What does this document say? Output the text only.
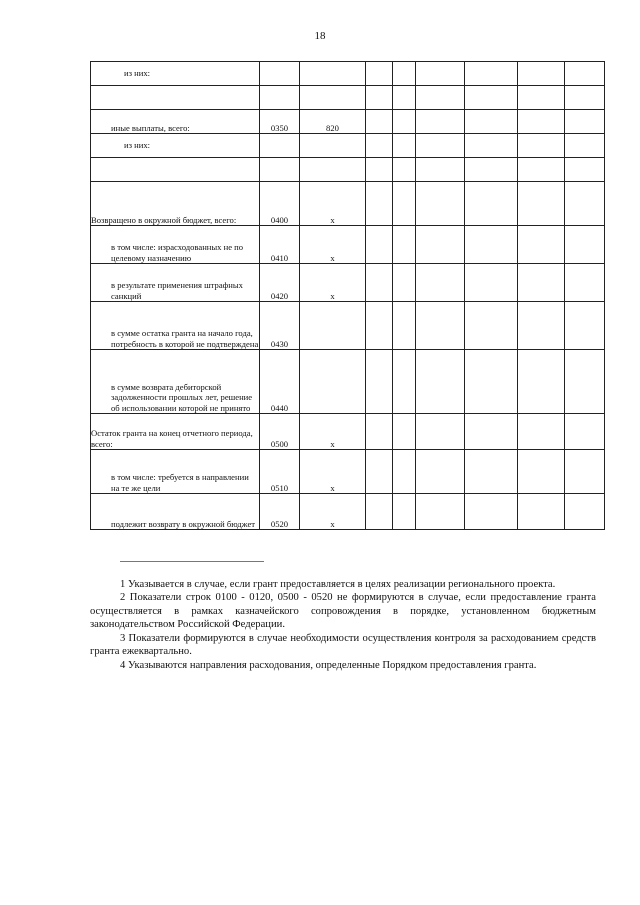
18
из них:								

иные выплаты, всего:	0350	820						
из них:								

Возвращено в окружной бюджет, всего:	0400	x						
в том числе: израсходованных не по целевому назначению	0410	x						
в результате применения штрафных санкций	0420	x						
в сумме остатка гранта на начало года, потребность в которой не подтверждена	0430							
в сумме возврата дебиторской задолженности прошлых лет, решение об использовании которой не принято	0440							
Остаток гранта на конец отчетного периода, всего:	0500	x						
в том числе: требуется в направлении на те же цели	0510	x						
подлежит возврату в окружной бюджет	0520	x						

1 Указывается в случае, если грант предоставляется в целях реализации регионального проекта.

2 Показатели строк 0100 - 0120, 0500 - 0520 не формируются в случае, если предоставление гранта осуществляется в рамках казначейского сопровождения в порядке, установленном бюджетным законодательством Российской Федерации.

3 Показатели формируются в случае необходимости осуществления контроля за расходованием средств гранта ежеквартально.

4 Указываются направления расходования, определенные Порядком предоставления гранта.
